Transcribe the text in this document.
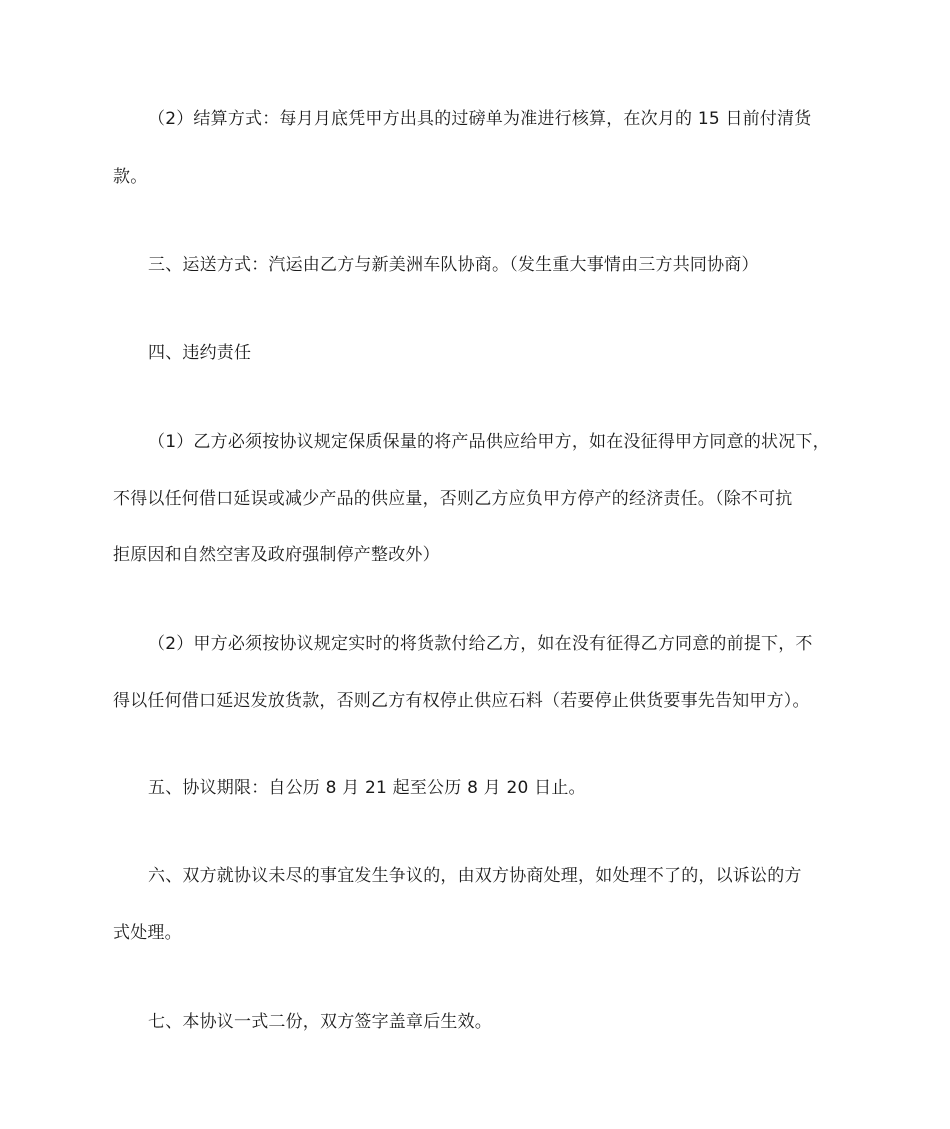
（2）结算方式：每月月底凭甲方出具的过磅单为准进行核算，在次月的 15 日前付清货
款。
三、运送方式：汽运由乙方与新美洲车队协商。（发生重大事情由三方共同协商）
四、违约责任
（1）乙方必须按协议规定保质保量的将产品供应给甲方，如在没征得甲方同意的状况下，
不得以任何借口延误或减少产品的供应量，否则乙方应负甲方停产的经济责任。（除不可抗
拒原因和自然空害及政府强制停产整改外）
（2）甲方必须按协议规定实时的将货款付给乙方，如在没有征得乙方同意的前提下，不
得以任何借口延迟发放货款，否则乙方有权停止供应石料（若要停止供货要事先告知甲方）。
五、协议期限：自公历 8 月 21 起至公历 8 月 20 日止。
六、双方就协议未尽的事宜发生争议的，由双方协商处理，如处理不了的，以诉讼的方
式处理。
七、本协议一式二份，双方签字盖章后生效。
